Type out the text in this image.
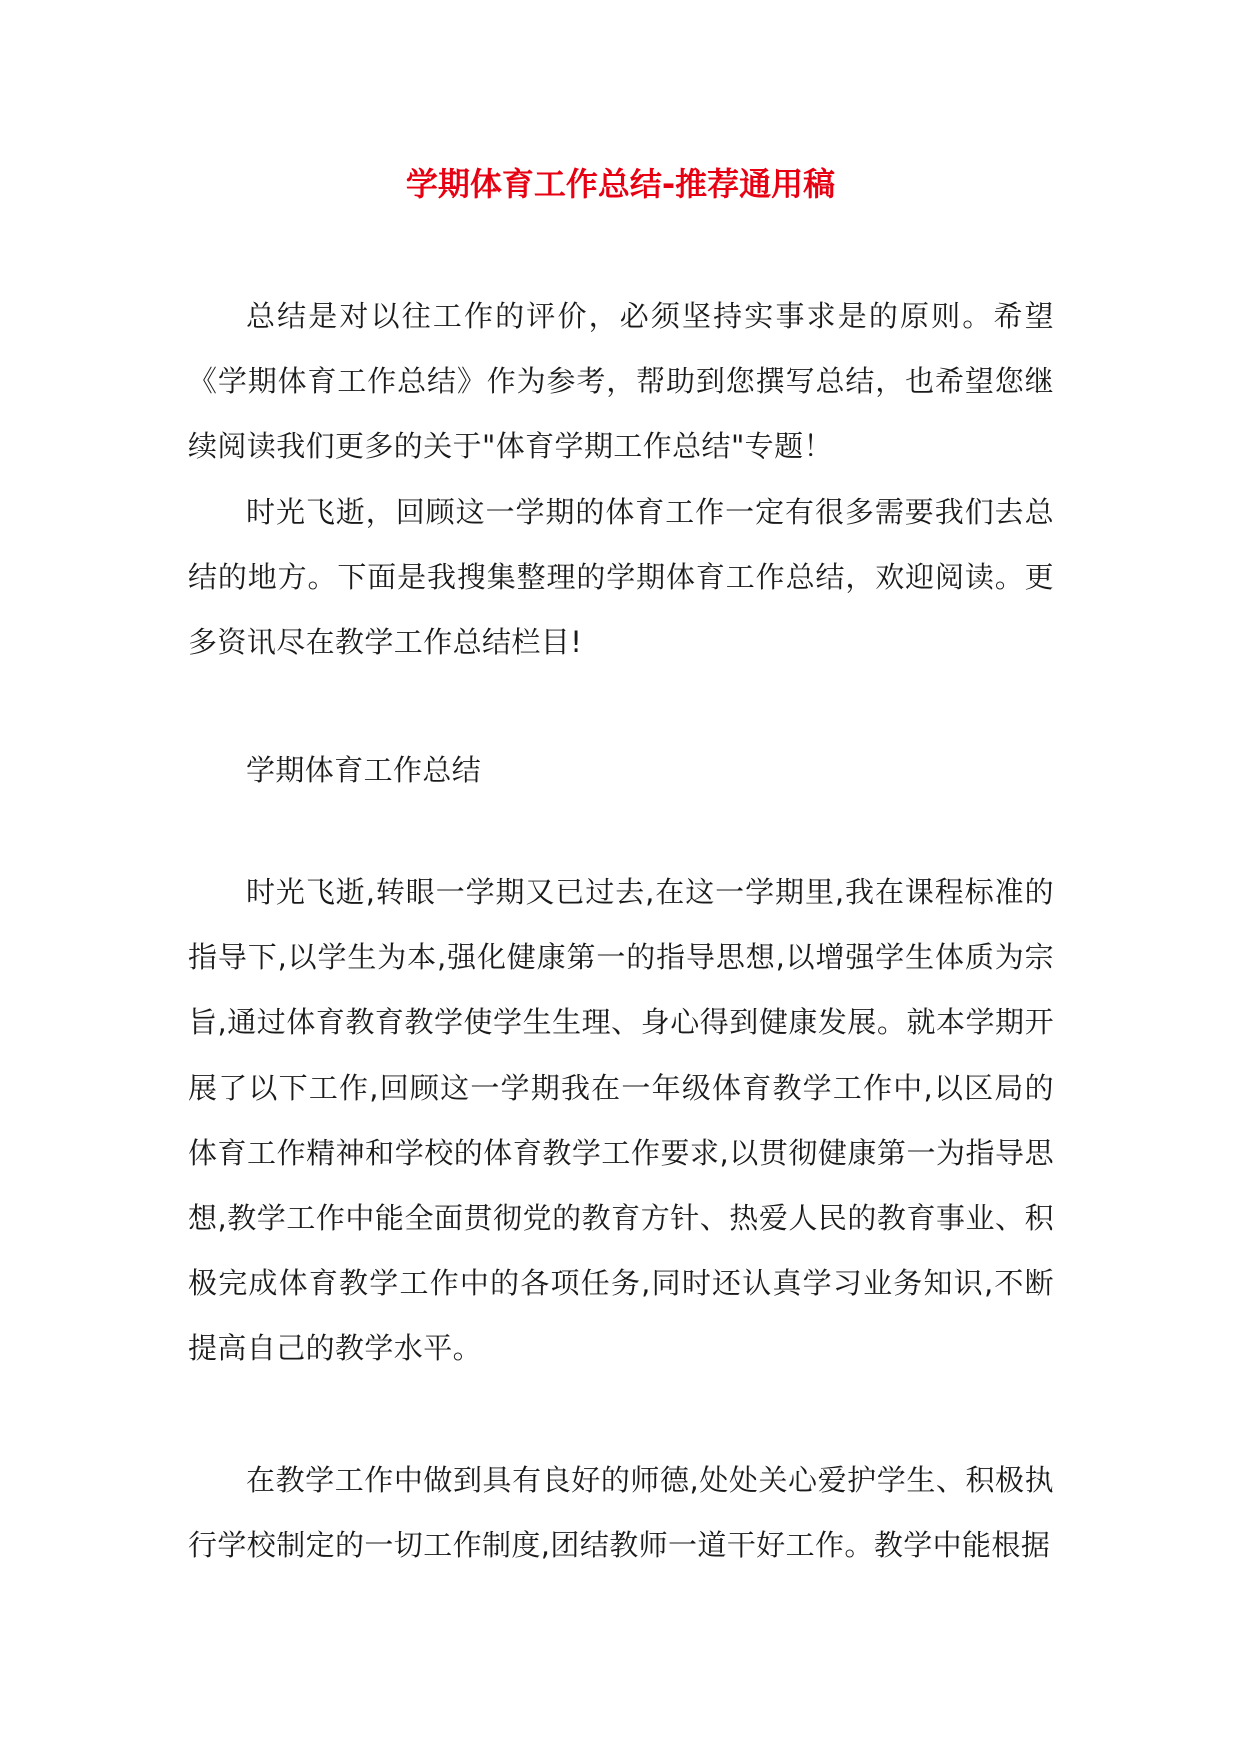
学期体育工作总结-推荐通用稿

总结是对以往工作的评价，必须坚持实事求是的原则。希望《学期体育工作总结》作为参考，帮助到您撰写总结，也希望您继续阅读我们更多的关于"体育学期工作总结"专题！

时光飞逝，回顾这一学期的体育工作一定有很多需要我们去总结的地方。下面是我搜集整理的学期体育工作总结，欢迎阅读。更多资讯尽在教学工作总结栏目!

学期体育工作总结

时光飞逝,转眼一学期又已过去,在这一学期里,我在课程标准的指导下,以学生为本,强化健康第一的指导思想,以增强学生体质为宗旨,通过体育教育教学使学生生理、身心得到健康发展。就本学期开展了以下工作,回顾这一学期我在一年级体育教学工作中,以区局的体育工作精神和学校的体育教学工作要求,以贯彻健康第一为指导思想,教学工作中能全面贯彻党的教育方针、热爱人民的教育事业、积极完成体育教学工作中的各项任务,同时还认真学习业务知识,不断提高自己的教学水平。

在教学工作中做到具有良好的师德,处处关心爱护学生、积极执行学校制定的一切工作制度,团结教师一道干好工作。教学中能根据
